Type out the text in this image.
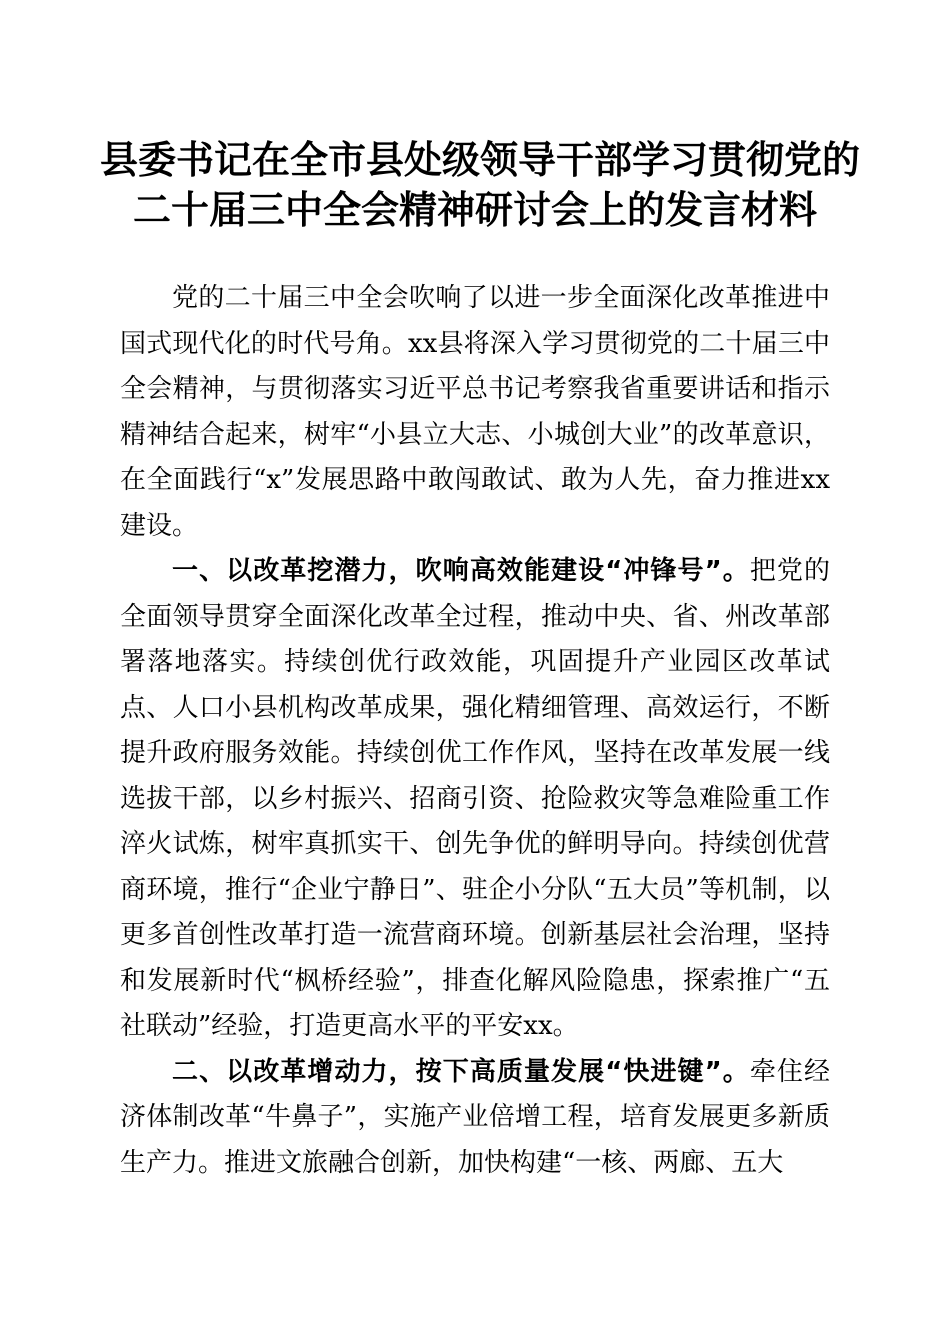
县委书记在全市县处级领导干部学习贯彻党的
二十届三中全会精神研讨会上的发言材料

党的二十届三中全会吹响了以进一步全面深化改革推进中国式现代化的时代号角。xx县将深入学习贯彻党的二十届三中全会精神，与贯彻落实习近平总书记考察我省重要讲话和指示精神结合起来，树牢“小县立大志、小城创大业”的改革意识，在全面践行“x”发展思路中敢闯敢试、敢为人先，奋力推进xx建设。

一、以改革挖潜力，吹响高效能建设“冲锋号”。把党的全面领导贯穿全面深化改革全过程，推动中央、省、州改革部署落地落实。持续创优行政效能，巩固提升产业园区改革试点、人口小县机构改革成果，强化精细管理、高效运行，不断提升政府服务效能。持续创优工作作风，坚持在改革发展一线选拔干部，以乡村振兴、招商引资、抢险救灾等急难险重工作淬火试炼，树牢真抓实干、创先争优的鲜明导向。持续创优营商环境，推行“企业宁静日”、驻企小分队“五大员”等机制，以更多首创性改革打造一流营商环境。创新基层社会治理，坚持和发展新时代“枫桥经验”，排查化解风险隐患，探索推广“五社联动”经验，打造更高水平的平安xx。

二、以改革增动力，按下高质量发展“快进键”。牵住经济体制改革“牛鼻子”，实施产业倍增工程，培育发展更多新质生产力。推进文旅融合创新，加快构建“一核、两廊、五大
